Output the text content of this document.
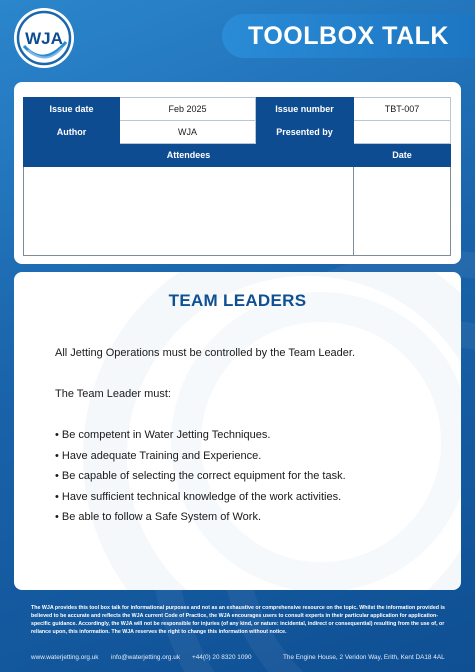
WJA	TOOLBOX TALK
Issue date	Feb 2025	Issue number	TBT-007
Author	WJA	Presented by	
Attendees			Date

TEAM LEADERS
All Jetting Operations must be controlled by the Team Leader.
The Team Leader must:
• Be competent in Water Jetting Techniques.
• Have adequate Training and Experience.
• Be capable of selecting the correct equipment for the task.
• Have sufficient technical knowledge of the work activities.
• Be able to follow a Safe System of Work.
The WJA provides this tool box talk for informational purposes and not as an exhaustive or comprehensive resource on the topic. Whilst the information provided is believed to be accurate and reflects the WJA current Code of Practice, the WJA encourages users to consult experts in their particular application for application-specific guidance. Accordingly, the WJA will not be responsible for injuries (of any kind, or nature: incidental, indirect or consequential) resulting from the use of, or reliance upon, this information. The WJA reserves the right to change this information without notice.
www.waterjetting.org.uk info@waterjetting.org.uk +44(0) 20 8320 1090	The Engine House, 2 Veridon Way, Erith, Kent DA18 4AL
